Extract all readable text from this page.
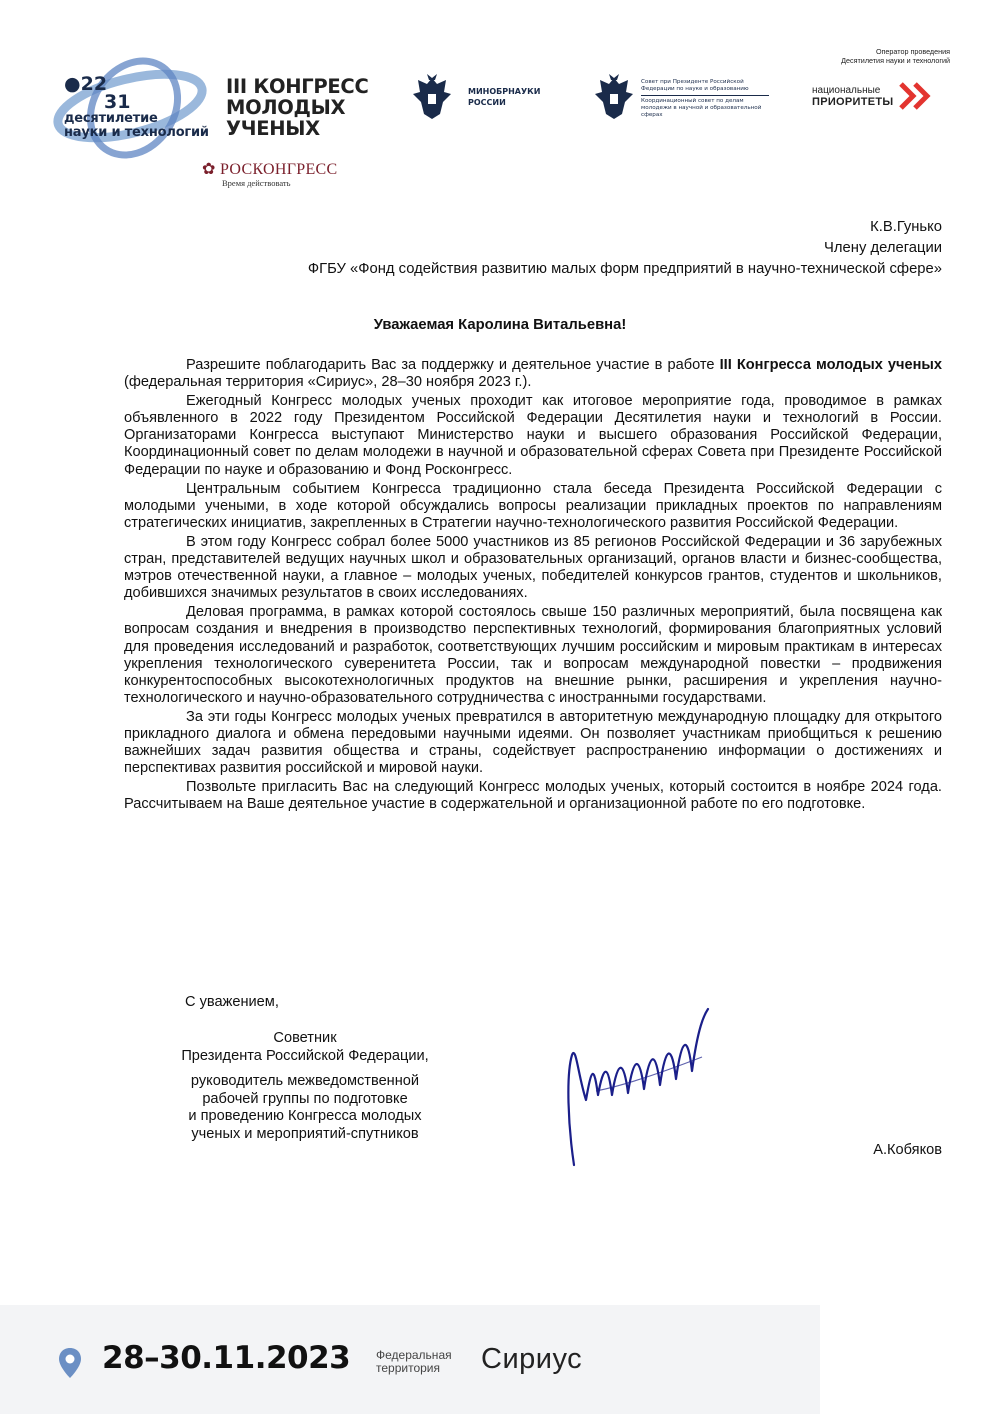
●22
31
десятилетие
науки и технологий
III КОНГРЕСС
МОЛОДЫХ
УЧЕНЫХ
✿ РОСКОНГРЕСС
Время действовать
МИНОБРНАУКИ
РОССИИ
Совет при Президенте Российской Федерации по науке и образованию
Координационный совет по делам молодежи в научной и образовательной сферах
Оператор проведения
Десятилетия науки и технологий
национальные
ПРИОРИТЕТЫ
К.В.Гунько
Члену делегации
ФГБУ «Фонд содействия развитию малых форм предприятий в научно-технической сфере»
Уважаемая Каролина Витальевна!

Разрешите поблагодарить Вас за поддержку и деятельное участие в работе III Конгресса молодых ученых (федеральная территория «Сириус», 28–30 ноября 2023 г.).

Ежегодный Конгресс молодых ученых проходит как итоговое мероприятие года, проводимое в рамках объявленного в 2022 году Президентом Российской Федерации Десятилетия науки и технологий в России. Организаторами Конгресса выступают Министерство науки и высшего образования Российской Федерации, Координационный совет по делам молодежи в научной и образовательной сферах Совета при Президенте Российской Федерации по науке и образованию и Фонд Росконгресс.

Центральным событием Конгресса традиционно стала беседа Президента Российской Федерации с молодыми учеными, в ходе которой обсуждались вопросы реализации прикладных проектов по направлениям стратегических инициатив, закрепленных в Стратегии научно-технологического развития Российской Федерации.

В этом году Конгресс собрал более 5000 участников из 85 регионов Российской Федерации и 36 зарубежных стран, представителей ведущих научных школ и образовательных организаций, органов власти и бизнес-сообщества, мэтров отечественной науки, а главное – молодых ученых, победителей конкурсов грантов, студентов и школьников, добившихся значимых результатов в своих исследованиях.

Деловая программа, в рамках которой состоялось свыше 150 различных мероприятий, была посвящена как вопросам создания и внедрения в производство перспективных технологий, формирования благоприятных условий для проведения исследований и разработок, соответствующих лучшим российским и мировым практикам в интересах укрепления технологического суверенитета России, так и вопросам международной повестки – продвижения конкурентоспособных высокотехнологичных продуктов на внешние рынки, расширения и укрепления научно-технологического и научно-образовательного сотрудничества с иностранными государствами.

За эти годы Конгресс молодых ученых превратился в авторитетную международную площадку для открытого прикладного диалога и обмена передовыми научными идеями. Он позволяет участникам приобщиться к решению важнейших задач развития общества и страны, содействует распространению информации о достижениях и перспективах развития российской и мировой науки.

Позвольте пригласить Вас на следующий Конгресс молодых ученых, который состоится в ноябре 2024 года. Рассчитываем на Ваше деятельное участие в содержательной и организационной работе по его подготовке.

С уважением,
Советник
Президента Российской Федерации,
руководитель межведомственной
рабочей группы по подготовке
и проведению Конгресса молодых
ученых и мероприятий-спутников
А.Кобяков
28–30.11.2023 Федеральная
территория	Сириус
